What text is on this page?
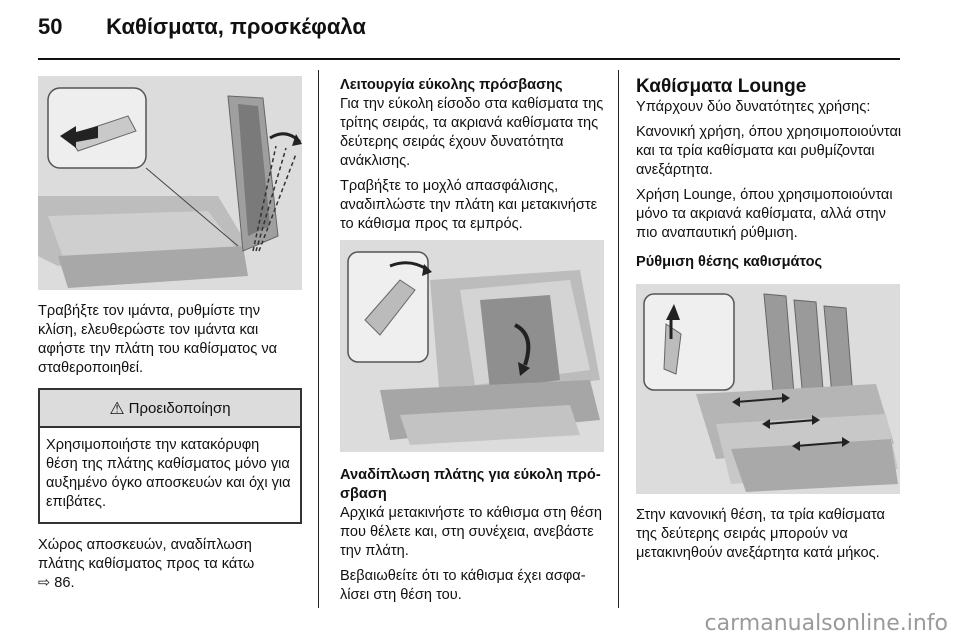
50 Καθίσματα, προσκέφαλα

Τραβήξτε τον ιμάντα, ρυθμίστε την κλίση, ελευθερώστε τον ιμάντα και αφήστε την πλάτη του καθίσματος να σταθεροποιηθεί.

⚠ Προειδοποίηση
Χρησιμοποιήστε την κατακόρυφη θέση της πλάτης καθίσματος μόνο για αυξημένο όγκο αποσκευών και όχι για επιβάτες.

Χώρος αποσκευών, αναδίπλωση πλάτης καθίσματος προς τα κάτω
⇨ 86.

Λειτουργία εύκολης πρόσβασης

Για την εύκολη είσοδο στα καθίσματα της τρίτης σειράς, τα ακριανά καθίσματα της δεύτερης σειράς έχουν δυνατότητα ανάκλισης.

Τραβήξτε το μοχλό απασφάλισης, αναδιπλώστε την πλάτη και μετακινήστε το κάθισμα προς τα εμπρός.

Αναδίπλωση πλάτης για εύκολη πρόσβαση

Αρχικά μετακινήστε το κάθισμα στη θέση που θέλετε και, στη συνέχεια, ανεβάστε την πλάτη.

Βεβαιωθείτε ότι το κάθισμα έχει ασφαλίσει στη θέση του.

Καθίσματα Lounge

Υπάρχουν δύο δυνατότητες χρήσης:

Κανονική χρήση, όπου χρησιμοποιούνται και τα τρία καθίσματα και ρυθμίζονται ανεξάρτητα.

Χρήση Lounge, όπου χρησιμοποιούνται μόνο τα ακριανά καθίσματα, αλλά στην πιο αναπαυτική ρύθμιση.

Ρύθμιση θέσης καθισμάτος

Στην κανονική θέση, τα τρία καθίσματα της δεύτερης σειράς μπορούν να μετακινηθούν ανεξάρτητα κατά μήκος.

carmanualsonline.info
